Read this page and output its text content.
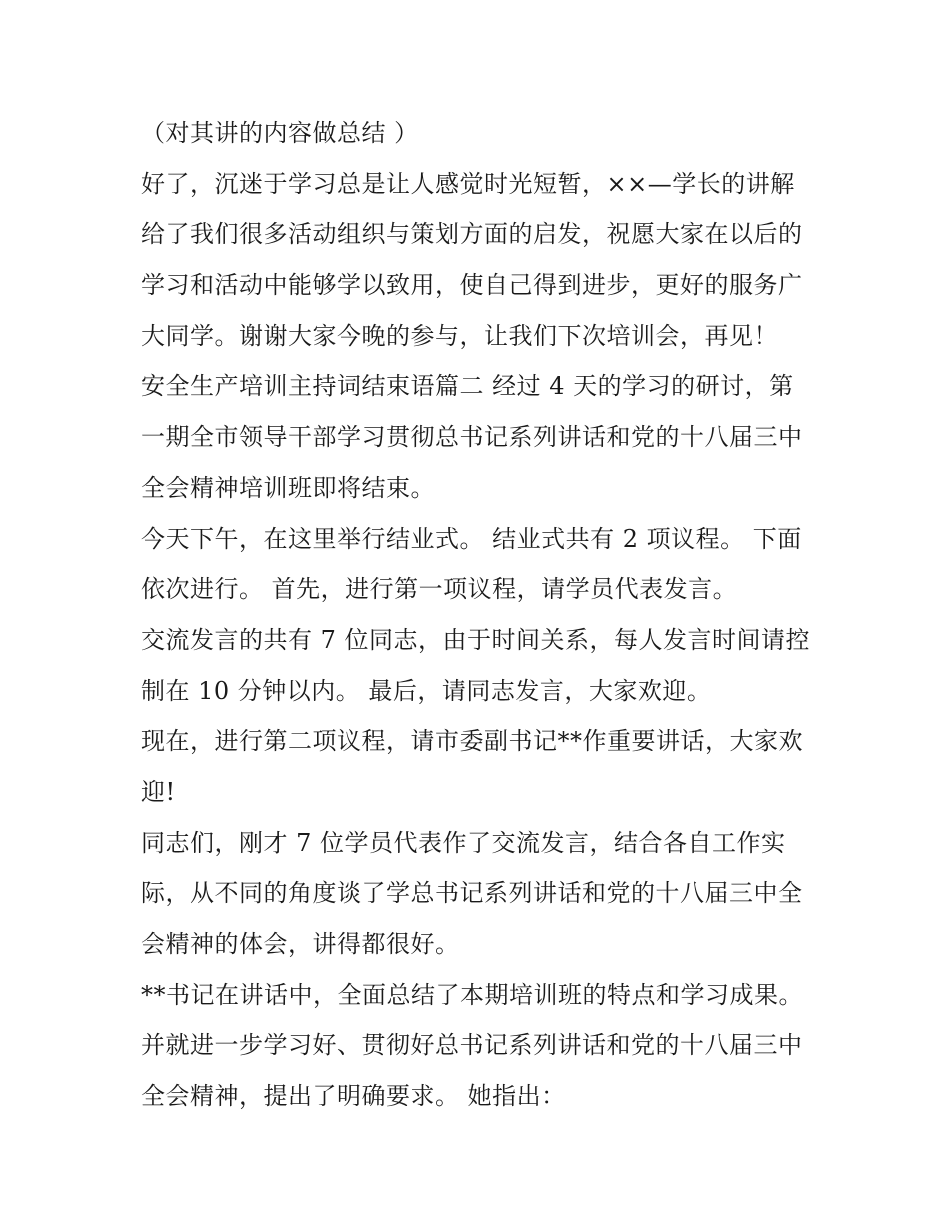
（对其讲的内容做总结 ）
好了，沉迷于学习总是让人感觉时光短暂，××—学长的讲解
给了我们很多活动组织与策划方面的启发，祝愿大家在以后的
学习和活动中能够学以致用，使自己得到进步，更好的服务广
大同学。谢谢大家今晚的参与，让我们下次培训会，再见！
安全生产培训主持词结束语篇二 经过 4 天的学习的研讨，第
一期全市领导干部学习贯彻总书记系列讲话和党的十八届三中
全会精神培训班即将结束。
今天下午，在这里举行结业式。 结业式共有 2 项议程。 下面
依次进行。 首先，进行第一项议程，请学员代表发言。
交流发言的共有 7 位同志，由于时间关系，每人发言时间请控
制在 10 分钟以内。 最后，请同志发言，大家欢迎。
现在，进行第二项议程，请市委副书记**作重要讲话，大家欢
迎!
同志们，刚才 7 位学员代表作了交流发言，结合各自工作实
际，从不同的角度谈了学总书记系列讲话和党的十八届三中全
会精神的体会，讲得都很好。
**书记在讲话中，全面总结了本期培训班的特点和学习成果。
并就进一步学习好、贯彻好总书记系列讲话和党的十八届三中
全会精神，提出了明确要求。 她指出：
